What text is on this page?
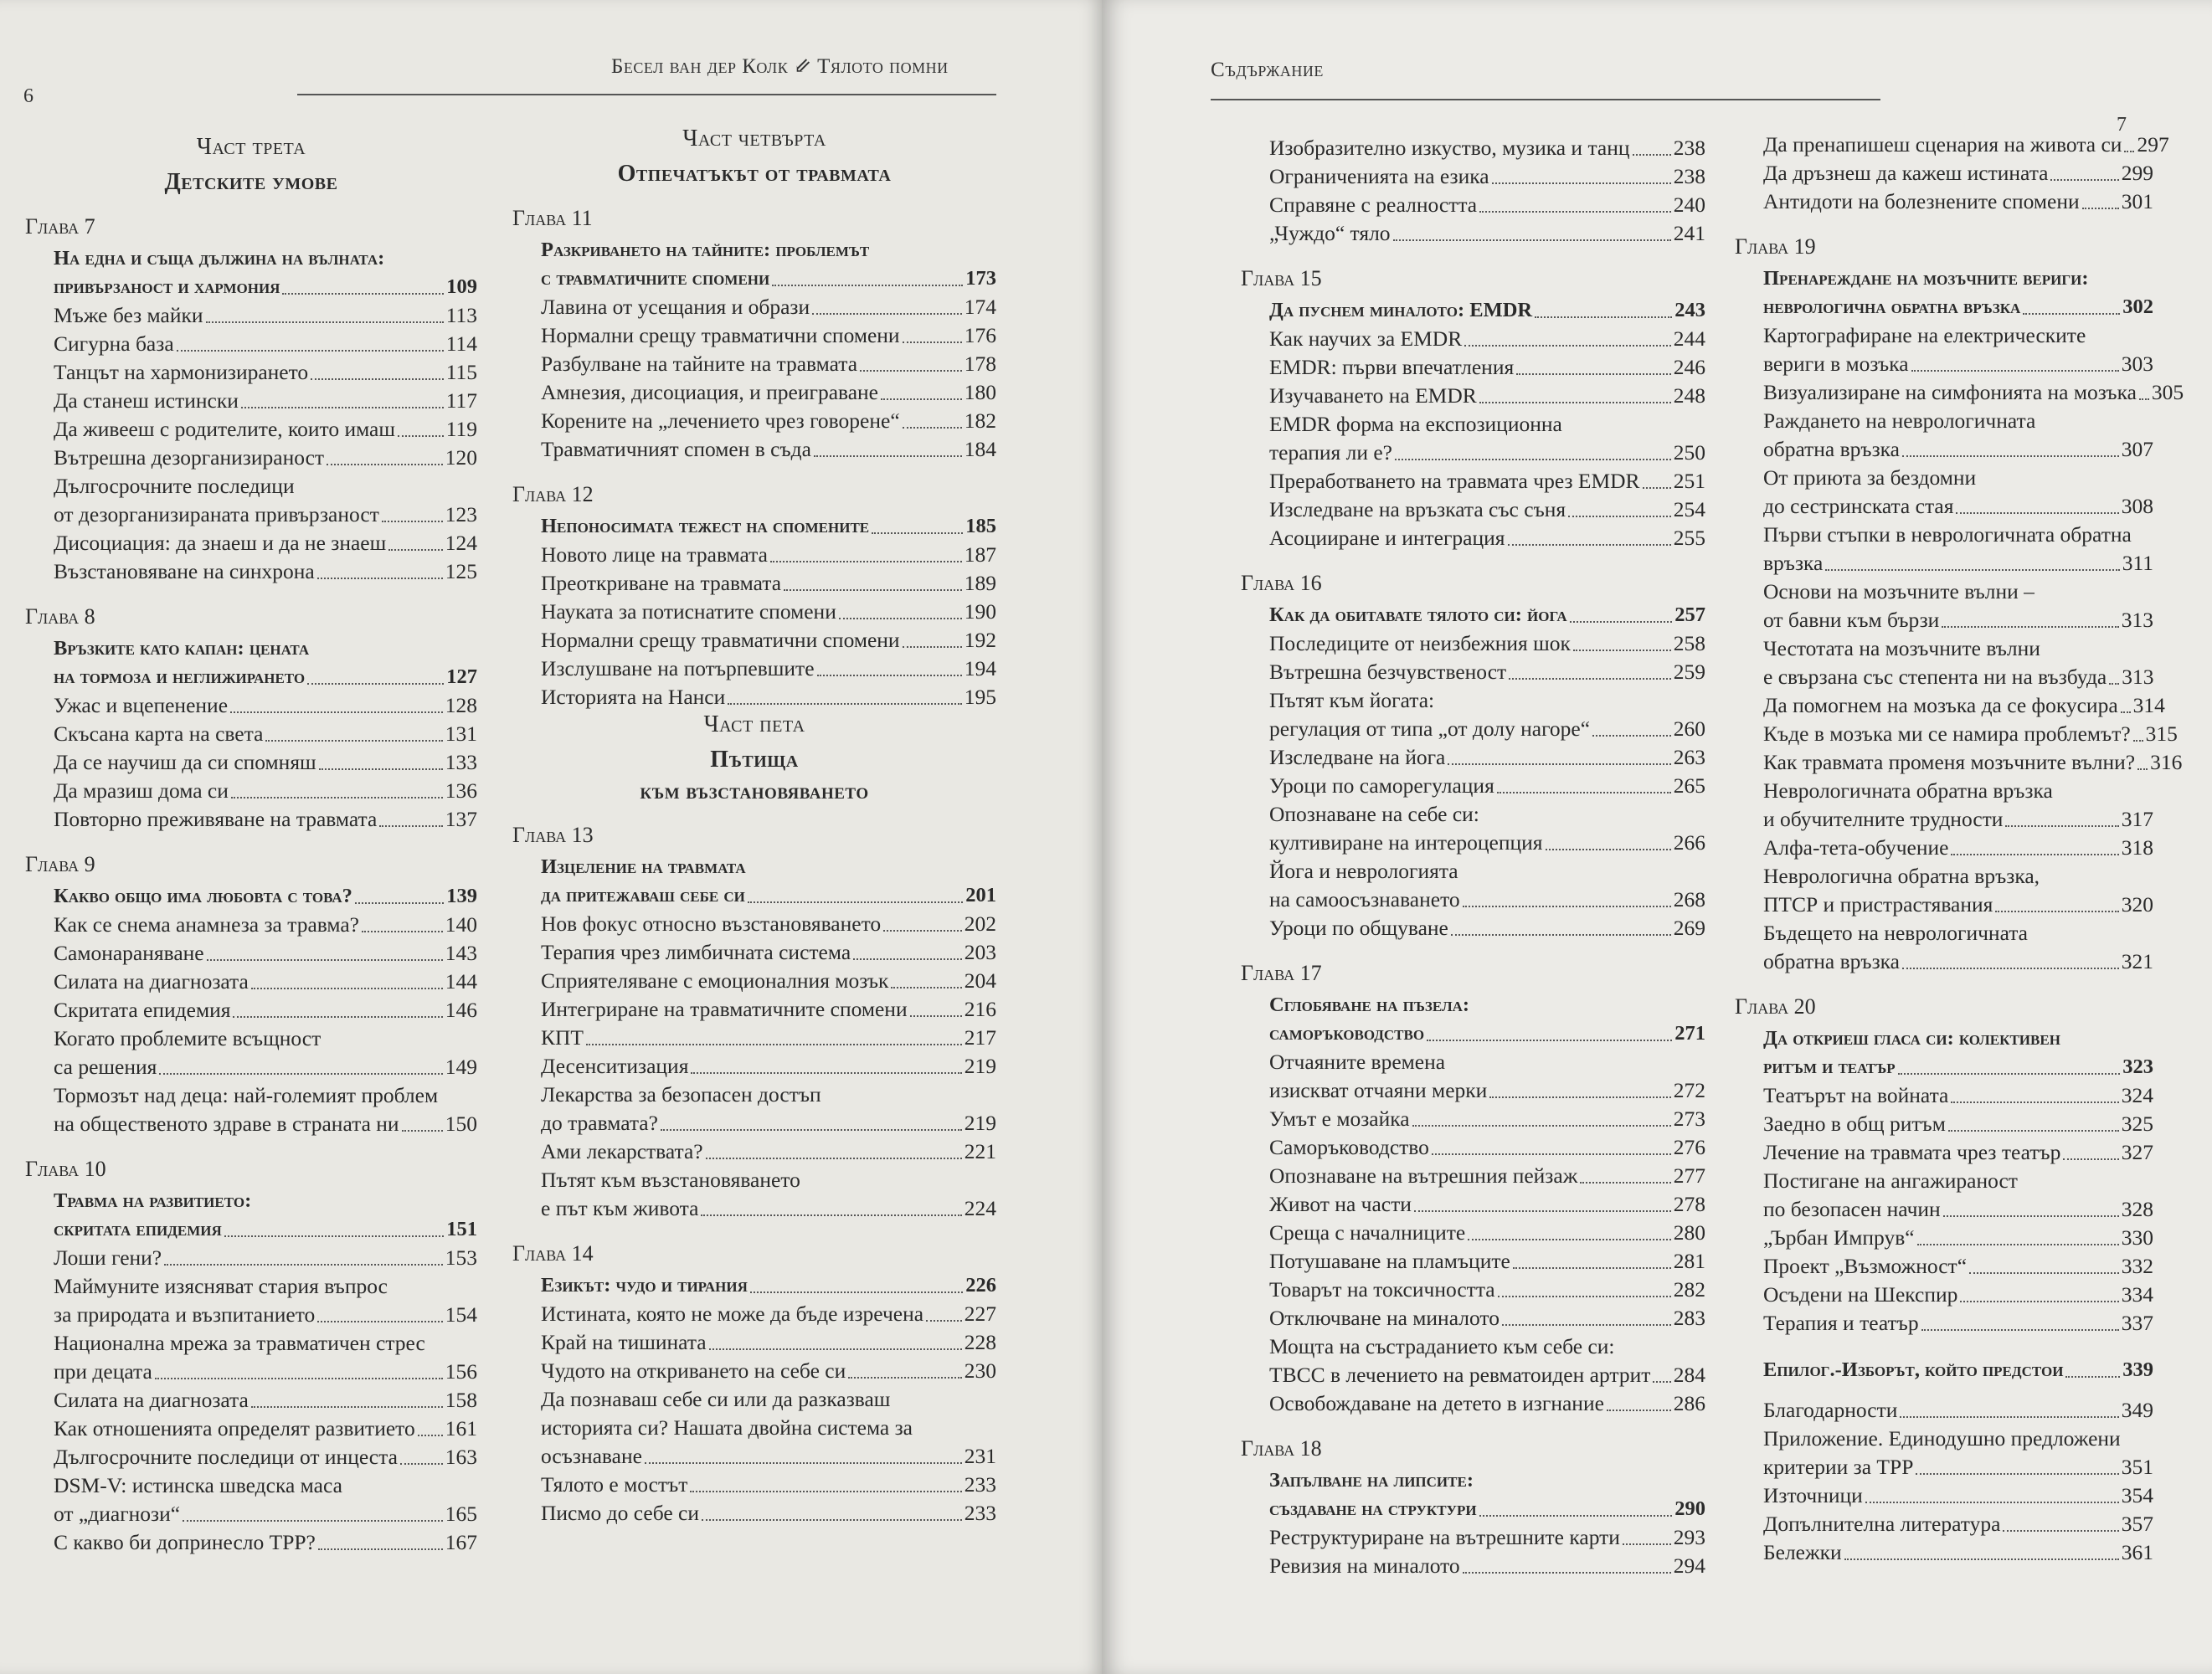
6
Бесел ван дер Колк ⇙ Тялото помни
Част трета
Детските умове
Глава 7
На една и съща дължина на вълната:
привързаност и хармония	109
Мъже без майки	113
Сигурна база	114
Танцът на хармонизирането	115
Да станеш истински	117
Да живееш с родителите, които имаш 119
Вътрешна дезорганизираност	120
Дългосрочните последици
от дезорганизираната привързаност	123
Дисоциация: да знаеш и да не знаеш	124
Възстановяване на синхрона	125
Глава 8
Връзките като капан: цената
на тормоза и неглижирането	127
Ужас и вцепенение	128
Скъсана карта на света	131
Да се научиш да си спомняш	133
Да мразиш дома си	136
Повторно преживяване на травмата	137
Глава 9
Какво общо има любовта с това?	139
Как се снема анамнеза за травма?	140
Самонараняване	143
Силата на диагнозата	144
Скритата епидемия	146
Когато проблемите всъщност
са решения	149
Тормозът над деца: най-големият проблем
на общественото здраве в страната ни 150
Глава 10
Травма на развитието:
скритата епидемия	151
Лоши гени?	153
Маймуните изясняват стария въпрос
за природата и възпитанието	154
Национална мрежа за травматичен стрес
при децата	156
Силата на диагнозата	158
Как отношенията определят развитието 161
Дългосрочните последици от инцеста 163
DSM-V: истинска шведска маса
от „диагнози“	165
С какво би допринесло ТРР?	167
Част четвърта
Отпечатъкът от травмата
Глава 11
Разкриването на тайните: проблемът
с травматичните спомени	173
Лавина от усещания и образи	174
Нормални срещу травматични спомени	176
Разбулване на тайните на травмата	178
Амнезия, дисоциация, и преиграване	180
Корените на „лечението чрез говорене“	182
Травматичният спомен в съда	184
Глава 12
Непоносимата тежест на спомените	185
Новото лице на травмата	187
Преоткриване на травмата	189
Науката за потиснатите спомени	190
Нормални срещу травматични спомени	192
Изслушване на потърпевшите	194
Историята на Нанси	195
Част пета
Пътища
към възстановяването
Глава 13
Изцеление на травмата
да притежаваш себе си	201
Нов фокус относно възстановяването	202
Терапия чрез лимбичната система	203
Сприятеляване с емоционалния мозък	204
Интегриране на травматичните спомени	216
КПТ	217
Десенситизация	219
Лекарства за безопасен достъп
до травмата?	219
Ами лекарствата?	221
Пътят към възстановяването
е път към живота	224
Глава 14
Езикът: чудо и тирания	226
Истината, която не може да бъде изречена 227
Край на тишината	228
Чудото на откриването на себе си	230
Да познаваш себе си или да разказваш
историята си? Нашата двойна система за
осъзнаване	231
Тялото е мостът	233
Писмо до себе си	233
Съдържание
7
Изобразително изкуство, музика и танц 238
Ограниченията на езика	238
Справяне с реалността	240
„Чуждо“ тяло	241
Глава 15
Да пуснем миналото: EMDR	243
Как научих за EMDR	244
EMDR: първи впечатления	246
Изучаването на EMDR	248
EMDR форма на експозиционна
терапия ли е?	250
Преработването на травмата чрез EMDR 251
Изследване на връзката със съня	254
Асоцииране и интеграция	255
Глава 16
Как да обитавате тялото си: йога	257
Последиците от неизбежния шок	258
Вътрешна безчувственост	259
Пътят към йогата:
регулация от типа „от долу нагоре“	260
Изследване на йога	263
Уроци по саморегулация	265
Опознаване на себе си:
култивиране на интероцепция	266
Йога и неврологията
на самоосъзнаването	268
Уроци по общуване	269
Глава 17
Сглобяване на пъзела:
саморъководство	271
Отчаяните времена
изискват отчаяни мерки	272
Умът е мозайка	273
Саморъководство	276
Опознаване на вътрешния пейзаж	277
Живот на части	278
Среща с началниците	280
Потушаване на пламъците	281
Товарът на токсичността	282
Отключване на миналото	283
Мощта на състраданието към себе си:
ТВСС в лечението на ревматоиден артрит 284
Освобождаване на детето в изгнание	286
Глава 18
Запълване на липсите:
създаване на структури	290
Реструктуриране на вътрешните карти	293
Ревизия на миналото	294
Да пренапишеш сценария на живота си 297
Да дръзнеш да кажеш истината	299
Антидоти на болезнените спомени 301
Глава 19
Пренареждане на мозъчните вериги:
неврологична обратна връзка	302
Картографиране на електрическите
вериги в мозъка	303
Визуализиране на симфонията на мозъка 305
Раждането на неврологичната
обратна връзка	307
От приюта за бездомни
до сестринската стая	308
Първи стъпки в неврологичната обратна
връзка	311
Основи на мозъчните вълни –
от бавни към бързи	313
Честотата на мозъчните вълни
е свързана със степента ни на възбуда 313
Да помогнем на мозъка да се фокусира 314
Къде в мозъка ми се намира проблемът? 315
Как травмата променя мозъчните вълни? 316
Неврологичната обратна връзка
и обучителните трудности	317
Алфа-тета-обучение	318
Неврологична обратна връзка,
ПТСР и пристрастявания	320
Бъдещето на неврологичната
обратна връзка	321
Глава 20
Да откриеш гласа си: колективен
ритъм и театър	323
Театърът на войната	324
Заедно в общ ритъм	325
Лечение на травмата чрез театър	327
Постигане на ангажираност
по безопасен начин	328
„Ърбан Импрув“	330
Проект „Възможност“	332
Осъдени на Шекспир	334
Терапия и театър	337
Епилог.-Изборът, който предстои	339
Благодарности	349
Приложение. Единодушно предложени
критерии за ТРР	351
Източници	354
Допълнителна литература	357
Бележки	361
